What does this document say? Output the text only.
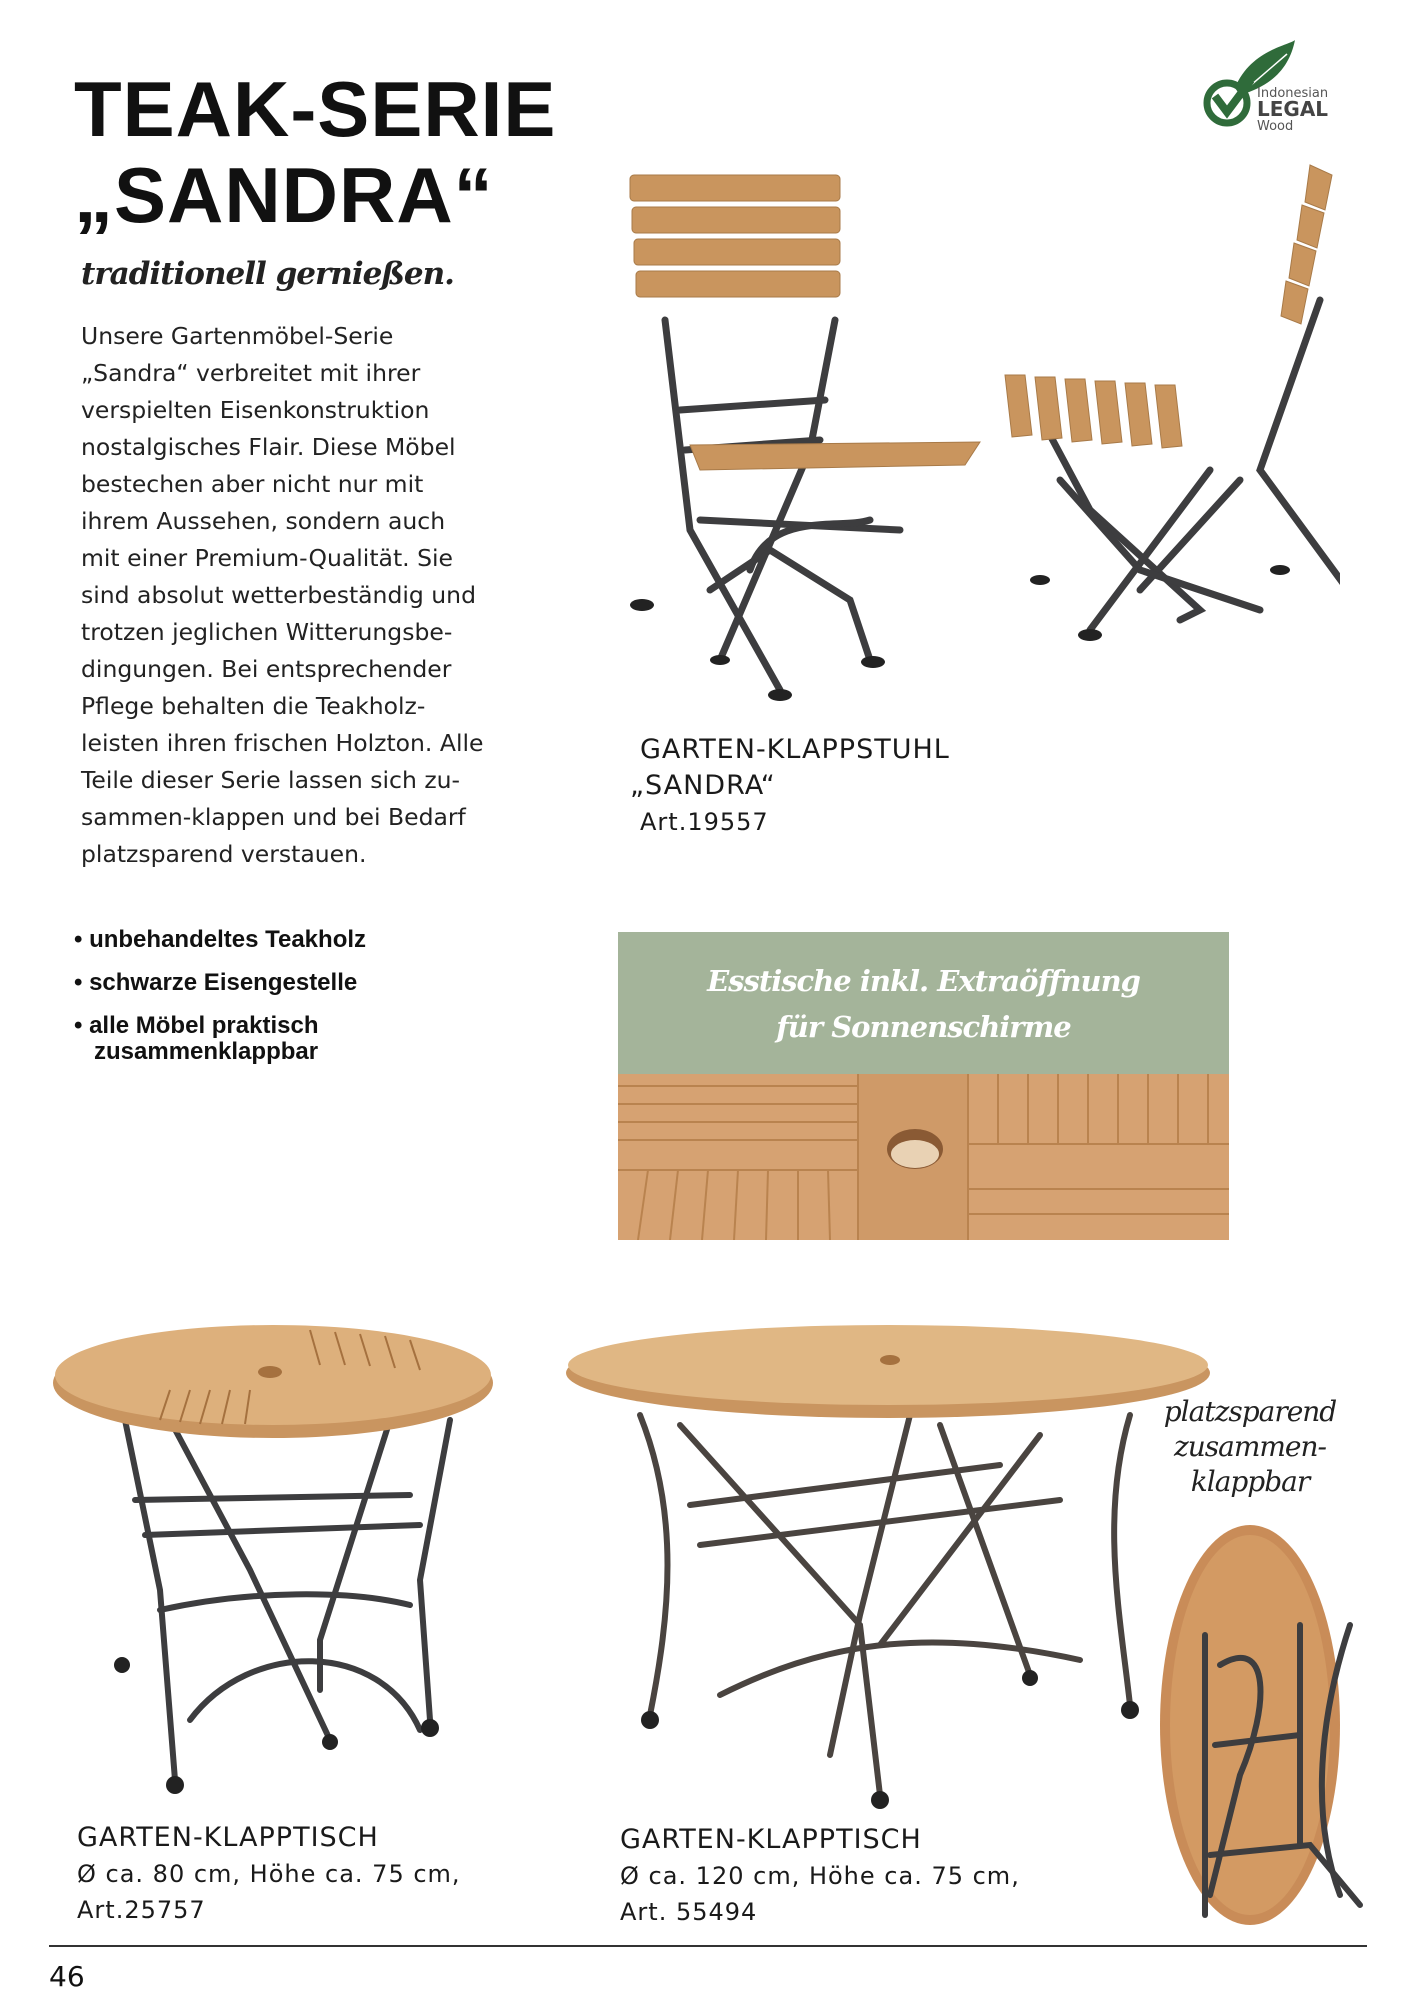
TEAK-SERIE
„SANDRA“
traditionell gernießen.
Indonesian
LEGAL
Wood
Unsere Gartenmöbel-Serie
„Sandra“ verbreitet mit ihrer
verspielten Eisenkonstruktion
nostalgisches Flair. Diese Möbel
bestechen aber nicht nur mit
ihrem Aussehen, sondern auch
mit einer Premium-Qualität. Sie
sind absolut wetterbeständig und
trotzen jeglichen Witterungsbe-
dingungen. Bei entsprechender
Pflege behalten die Teakholz-
leisten ihren frischen Holzton. Alle
Teile dieser Serie lassen sich zu-
sammen-klappen und bei Bedarf
platzsparend verstauen.
• unbehandeltes Teakholz
• schwarze Eisengestelle
• alle Möbel praktisch
zusammenklappbar
GARTEN-KLAPPSTUHL
„SANDRA“
Art.19557
Esstische inkl. Extraöffnung
für Sonnenschirme
GARTEN-KLAPPTISCH
Ø ca. 80 cm, Höhe ca. 75 cm,
Art.25757
GARTEN-KLAPPTISCH
Ø ca. 120 cm, Höhe ca. 75 cm,
Art. 55494
platzsparend
zusammen-
klappbar
46
